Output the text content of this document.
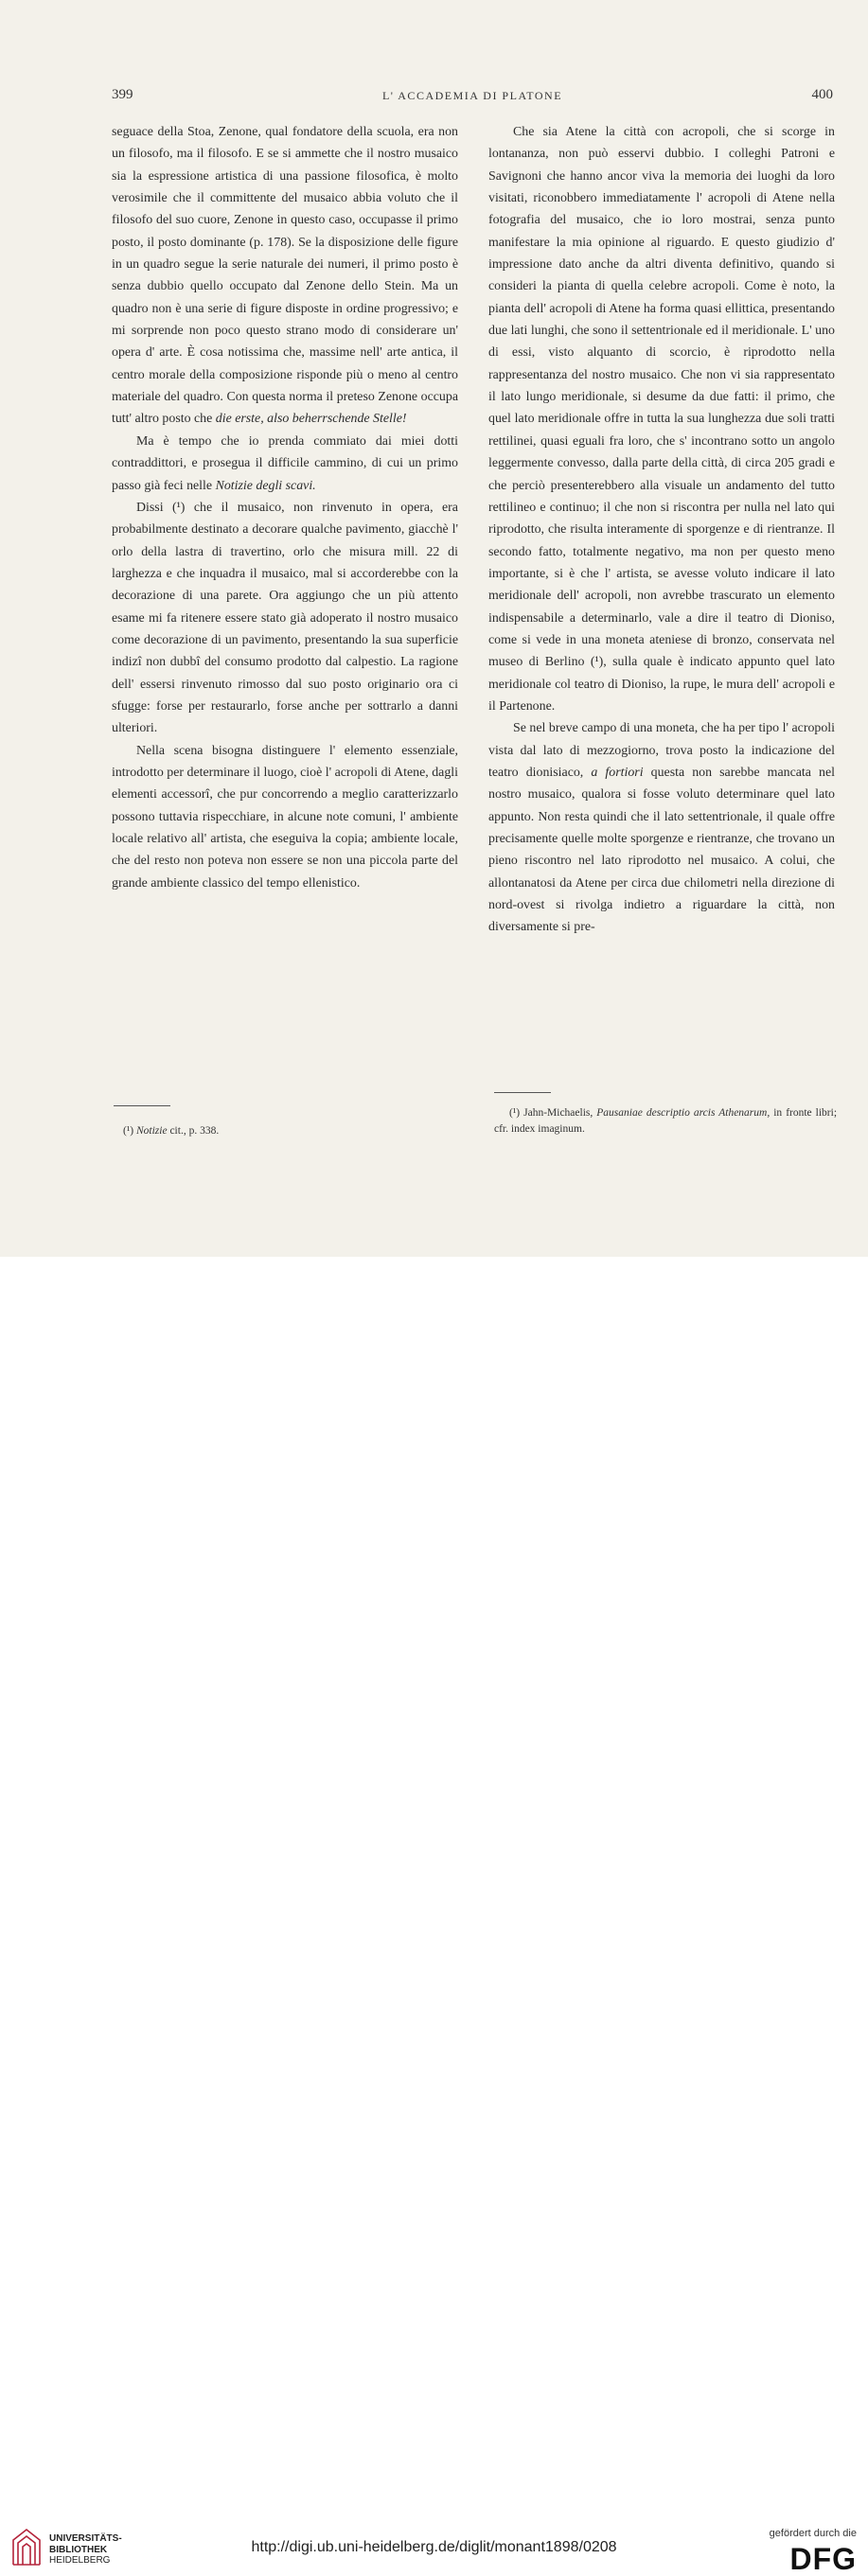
399	L' ACCADEMIA DI PLATONE	400

seguace della Stoa, Zenone, qual fondatore della scuola, era non un filosofo, ma il filosofo. E se si ammette che il nostro musaico sia la espressione artistica di una passione filosofica, è molto verosimile che il committente del musaico abbia voluto che il filosofo del suo cuore, Zenone in questo caso, occupasse il primo posto, il posto dominante (p. 178). Se la disposizione delle figure in un quadro segue la serie naturale dei numeri, il primo posto è senza dubbio quello occupato dal Zenone dello Stein. Ma un quadro non è una serie di figure disposte in ordine progressivo; e mi sorprende non poco questo strano modo di considerare un' opera d' arte. È cosa notissima che, massime nell' arte antica, il centro morale della composizione risponde più o meno al centro materiale del quadro. Con questa norma il preteso Zenone occupa tutt' altro posto che die erste, also beherrschende Stelle!

Ma è tempo che io prenda commiato dai miei dotti contraddittori, e prosegua il difficile cammino, di cui un primo passo già feci nelle Notizie degli scavi.

Dissi (¹) che il musaico, non rinvenuto in opera, era probabilmente destinato a decorare qualche pavimento, giacchè l' orlo della lastra di travertino, orlo che misura mill. 22 di larghezza e che inquadra il musaico, mal si accorderebbe con la decorazione di una parete. Ora aggiungo che un più attento esame mi fa ritenere essere stato già adoperato il nostro musaico come decorazione di un pavimento, presentando la sua superficie indizî non dubbî del consumo prodotto dal calpestio. La ragione dell' essersi rinvenuto rimosso dal suo posto originario ora ci sfugge: forse per restaurarlo, forse anche per sottrarlo a danni ulteriori.

Nella scena bisogna distinguere l' elemento essenziale, introdotto per determinare il luogo, cioè l' acropoli di Atene, dagli elementi accessorî, che pur concorrendo a meglio caratterizzarlo possono tuttavia rispecchiare, in alcune note comuni, l' ambiente locale relativo all' artista, che eseguiva la copia; ambiente locale, che del resto non poteva non essere se non una piccola parte del grande ambiente classico del tempo ellenistico.

Che sia Atene la città con acropoli, che si scorge in lontananza, non può esservi dubbio. I colleghi Patroni e Savignoni che hanno ancor viva la memoria dei luoghi da loro visitati, riconobbero immediatamente l' acropoli di Atene nella fotografia del musaico, che io loro mostrai, senza punto manifestare la mia opinione al riguardo. E questo giudizio d' impressione dato anche da altri diventa definitivo, quando si consideri la pianta di quella celebre acropoli. Come è noto, la pianta dell' acropoli di Atene ha forma quasi ellittica, presentando due lati lunghi, che sono il settentrionale ed il meridionale. L' uno di essi, visto alquanto di scorcio, è riprodotto nella rappresentanza del nostro musaico. Che non vi sia rappresentato il lato lungo meridionale, si desume da due fatti: il primo, che quel lato meridionale offre in tutta la sua lunghezza due soli tratti rettilinei, quasi eguali fra loro, che s' incontrano sotto un angolo leggermente convesso, dalla parte della città, di circa 205 gradi e che perciò presenterebbero alla visuale un andamento del tutto rettilineo e continuo; il che non si riscontra per nulla nel lato qui riprodotto, che risulta interamente di sporgenze e di rientranze. Il secondo fatto, totalmente negativo, ma non per questo meno importante, si è che l' artista, se avesse voluto indicare il lato meridionale dell' acropoli, non avrebbe trascurato un elemento indispensabile a determinarlo, vale a dire il teatro di Dioniso, come si vede in una moneta ateniese di bronzo, conservata nel museo di Berlino (¹), sulla quale è indicato appunto quel lato meridionale col teatro di Dioniso, la rupe, le mura dell' acropoli e il Partenone.

Se nel breve campo di una moneta, che ha per tipo l' acropoli vista dal lato di mezzogiorno, trova posto la indicazione del teatro dionisiaco, a fortiori questa non sarebbe mancata nel nostro musaico, qualora si fosse voluto determinare quel lato appunto. Non resta quindi che il lato settentrionale, il quale offre precisamente quelle molte sporgenze e rientranze, che trovano un pieno riscontro nel lato riprodotto nel musaico. A colui, che allontanatosi da Atene per circa due chilometri nella direzione di nord-ovest si rivolga indietro a riguardare la città, non diversamente si pre-

(¹) Notizie cit., p. 338.
(¹) Jahn-Michaelis, Pausaniae descriptio arcis Athenarum, in fronte libri; cfr. index imaginum.
UNIVERSITÄTS-
BIBLIOTHEK
HEIDELBERG
http://digi.ub.uni-heidelberg.de/diglit/monant1898/0208
gefördert durch die
DFG
